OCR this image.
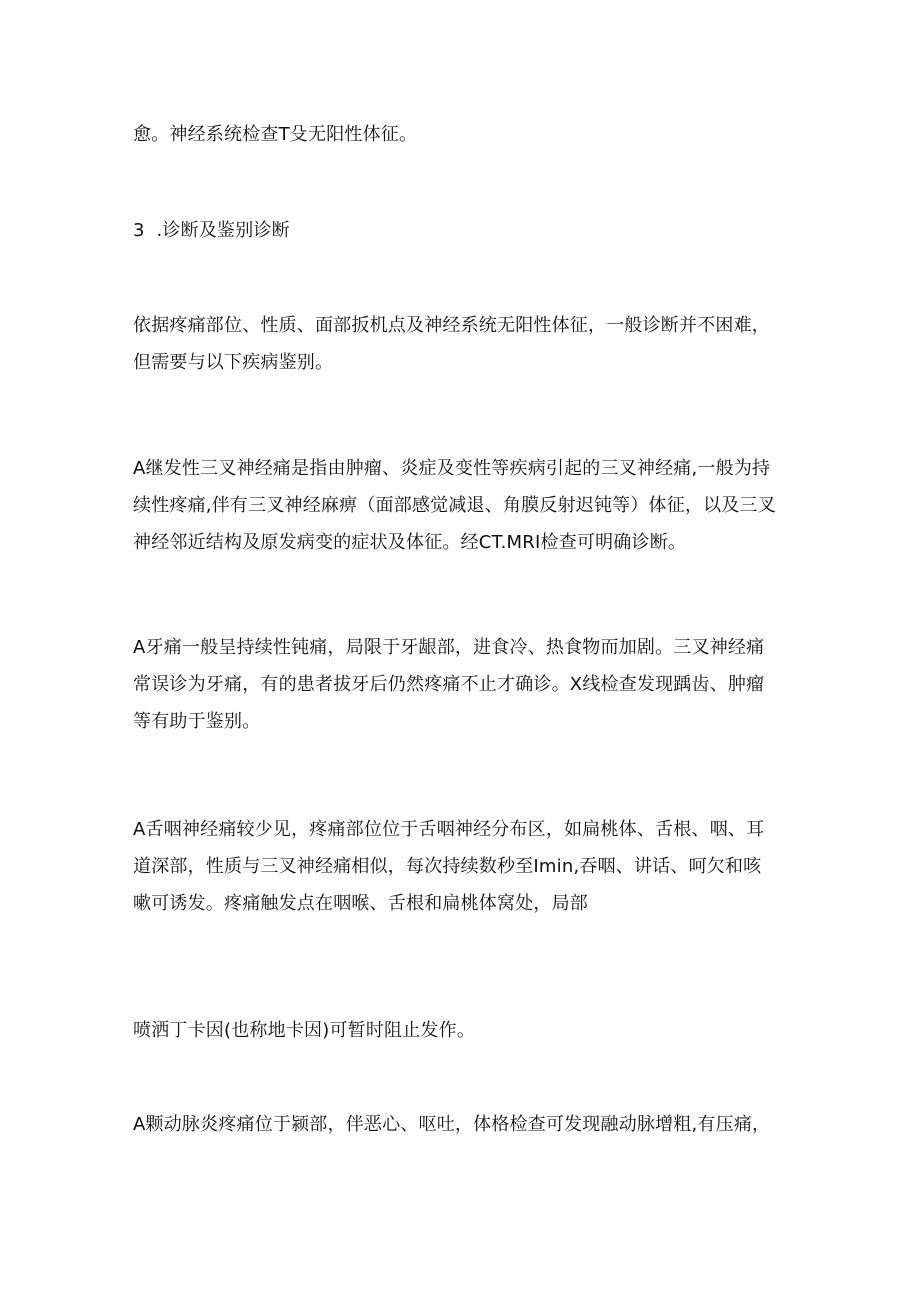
愈。神经系统检查T殳无阳性体征。

3  .诊断及鉴别诊断

依据疼痛部位、性质、面部扳机点及神经系统无阳性体征，一般诊断并不困难，
但需要与以下疾病鉴别。

A继发性三叉神经痛是指由肿瘤、炎症及变性等疾病引起的三叉神经痛,一般为持
续性疼痛,伴有三叉神经麻痹（面部感觉减退、角膜反射迟钝等）体征，以及三叉
神经邻近结构及原发病变的症状及体征。经CT.MRI检查可明确诊断。

A牙痛一般呈持续性钝痛，局限于牙龈部，进食冷、热食物而加剧。三叉神经痛
常误诊为牙痛，有的患者拔牙后仍然疼痛不止才确诊。X线检查发现踽齿、肿瘤
等有助于鉴别。

A舌咽神经痛较少见，疼痛部位位于舌咽神经分布区，如扁桃体、舌根、咽、耳
道深部，性质与三叉神经痛相似，每次持续数秒至Imin,吞咽、讲话、呵欠和咳
嗽可诱发。疼痛触发点在咽喉、舌根和扁桃体窝处，局部

喷洒丁卡因(也称地卡因)可暂时阻止发作。

A颗动脉炎疼痛位于颍部，伴恶心、呕吐，体格检查可发现融动脉增粗,有压痛，
